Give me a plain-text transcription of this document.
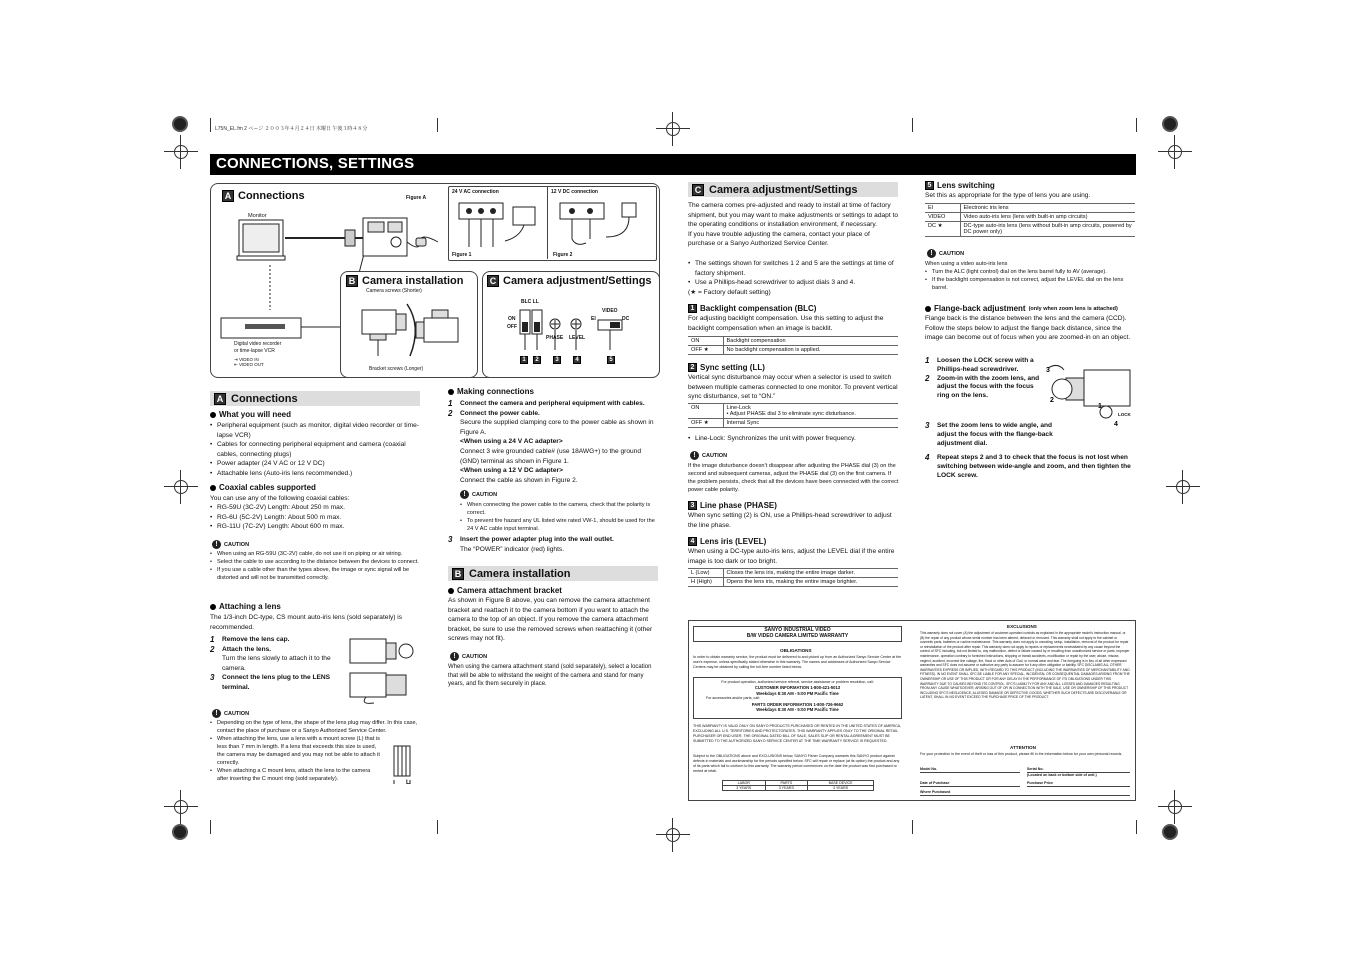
L75N_EL.fm 2 ページ ２００３年４月２４日 木曜日 午後３時４８分
CONNECTIONS, SETTINGS
A Connections
Monitor
Figure A
Digital video recorder
or time-lapse VCR
⇥ VIDEO IN
⇤ VIDEO OUT
24 V AC connection	12 V DC connection
Figure 1	Figure 2
B Camera installation
Camera screws (Shorter)
Bracket screws (Longer)
C Camera adjustment/Settings
BLC LL
ON
OFF
VIDEO
EI	DC
PHASE LEVEL
1	2	3	4	5
A Connections
What you will need
• Peripheral equipment (such as monitor, digital video recorder or time-lapse VCR)
• Cables for connecting peripheral equipment and camera (coaxial cables, connecting plugs)
• Power adapter (24 V AC or 12 V DC)
• Attachable lens (Auto-iris lens recommended.)
Coaxial cables supported
You can use any of the following coaxial cables:
• RG-59U (3C-2V) Length: About 250 m max.
• RG-6U (5C-2V) Length: About 500 m max.
• RG-11U (7C-2V) Length: About 600 m max.
!	CAUTION
• When using an RG-59U (3C-2V) cable, do not use it on piping or air wiring.
• Select the cable to use according to the distance between the devices to connect.
• If you use a cable other than the types above, the image or sync signal will be distorted and will not be transmitted correctly.
Attaching a lens
The 1/3-inch DC-type, CS mount auto-iris lens (sold separately) is recommended.
1 Remove the lens cap.
2 Attach the lens.
Turn the lens slowly to attach it to the camera.
3 Connect the lens plug to the LENS terminal.
!	CAUTION
• Depending on the type of lens, the shape of the lens plug may differ. In this case, contact the place of purchase or a Sanyo Authorized Service Center.
• When attaching the lens, use a lens with a mount screw (L) that is less than 7 mm in length. If a lens that exceeds this size is used, the camera may be damaged and you may not be able to attach it correctly.
• When attaching a C mount lens, attach the lens to the camera after inserting the C mount ring (sold separately).
L
Making connections
1 Connect the camera and peripheral equipment with cables.
2 Connect the power cable.
Secure the supplied clamping core to the power cable as shown in Figure A.
<When using a 24 V AC adapter>
Connect 3 wire grounded cable# (use 18AWG+) to the ground (GND) terminal as shown in Figure 1.
<When using a 12 V DC adapter>
Connect the cable as shown in Figure 2.
!	CAUTION
• When connecting the power cable to the camera, check that the polarity is correct.
• To prevent fire hazard any UL listed wire rated VW-1, should be used for the 24 V AC cable input terminal.
3 Insert the power adapter plug into the wall outlet.
The “POWER” indicator (red) lights.
B Camera installation
Camera attachment bracket
As shown in Figure B above, you can remove the camera attachment bracket and reattach it to the camera bottom if you want to attach the camera to the top of an object. If you remove the camera attachment bracket, be sure to use the removed screws when reattaching it (other screws may not fit).
!	CAUTION
When using the camera attachment stand (sold separately), select a location that will be able to withstand the weight of the camera and stand for many years, and fix them securely in place.
C Camera adjustment/Settings
The camera comes pre-adjusted and ready to install at time of factory shipment, but you may want to make adjustments or settings to adapt to the operating conditions or installation environment, if necessary.
If you have trouble adjusting the camera, contact your place of purchase or a Sanyo Authorized Service Center.
• The settings shown for switches 1 2 and 5 are the settings at time of factory shipment.
• Use a Phillips-head screwdriver to adjust dials 3 and 4.
(★ = Factory default setting)
1 Backlight compensation (BLC)
For adjusting backlight compensation. Use this setting to adjust the backlight compensation when an image is backlit.
ON	Backlight compensation
OFF ★	No backlight compensation is applied.
2 Sync setting (LL)
Vertical sync disturbance may occur when a selector is used to switch between multiple cameras connected to one monitor. To prevent vertical sync disturbance, set to “ON.”
ON	Line-Lock
• Adjust PHASE dial 3 to eliminate sync disturbance.
OFF ★	Internal Sync
• Line-Lock: Synchronizes the unit with power frequency.
!	CAUTION
If the image disturbance doesn’t disappear after adjusting the PHASE dial (3) on the second and subsequent cameras, adjust the PHASE dial (3) on the first camera. If the problem persists, check that all the devices have been connected with the correct power cable polarity.
3 Line phase (PHASE)
When sync setting (2) is ON, use a Phillips-head screwdriver to adjust the line phase.
4 Lens iris (LEVEL)
When using a DC-type auto-iris lens, adjust the LEVEL dial if the entire image is too dark or too bright.
L (Low)	Closes the lens iris, making the entire image darker.
H (High)	Opens the lens iris, making the entire image brighter.
5 Lens switching
Set this as appropriate for the type of lens you are using.
EI	Electronic iris lens
VIDEO	Video auto-iris lens (lens with built-in amp circuits)
DC ★	DC-type auto-iris lens (lens without built-in amp circuits, powered by DC power only)
!	CAUTION
When using a video auto-iris lens
• Turn the ALC (light control) dial on the lens barrel fully to AV (average).
• If the backlight compensation is not correct, adjust the LEVEL dial on the lens barrel.
Flange-back adjustment (only when zoom lens is attached)
Flange back is the distance between the lens and the camera (CCD). Follow the steps below to adjust the flange back distance, since the image can become out of focus when you are zoomed-in on an object.
1 Loosen the LOCK screw with a Phillips-head screwdriver.
2 Zoom-in with the zoom lens, and adjust the focus with the focus ring on the lens.
3 Set the zoom lens to wide angle, and adjust the focus with the flange-back adjustment dial.
4 Repeat steps 2 and 3 to check that the focus is not lost when switching between wide-angle and zoom, and then tighten the LOCK screw.
3
2
1
4
LOCK
SANYO INDUSTRIAL VIDEO
B/W VIDEO CAMERA LIMITED WARRANTY
OBLIGATIONS
In order to obtain warranty service, the product must be delivered to and picked up from an Authorized Sanyo Service Center at the user's expense, unless specifically stated otherwise in this warranty. The names and addresses of Authorized Sanyo Service Centers may be obtained by calling the toll-free number listed below.
For product operation, authorized service referral, service assistance or problem resolution, call:
CUSTOMER INFORMATION 1-800-421-5013
Weekdays 8:30 AM - 5:00 PM Pacific Time
For accessories and/or parts, call:
PARTS ORDER INFORMATION 1-800-726-9662
Weekdays 8:30 AM - 5:00 PM Pacific Time
THIS WARRANTY IS VALID ONLY ON SANYO PRODUCTS PURCHASED OR RENTED IN THE UNITED STATES OF AMERICA, EXCLUDING ALL U.S. TERRITORIES AND PROTECTORATES. THIS WARRANTY APPLIES ONLY TO THE ORIGINAL RETAIL PURCHASER OR END USER. THE ORIGINAL DATED BILL OF SALE, SALES SLIP OR RENTAL AGREEMENT MUST BE SUBMITTED TO THE AUTHORIZED SANYO SERVICE CENTER AT THE TIME WARRANTY SERVICE IS REQUESTED.
Subject to the OBLIGATIONS above and EXCLUSIONS below, SANYO Fisher Company warrants this SANYO product against defects in materials and workmanship for the periods specified below. SFC will repair or replace (at its option) the product and any of its parts which fail to conform to this warranty. The warranty period commences on the date the product was first purchased or rented at retail.
LABOR	PARTS	BASE DEVICE
3 YEARS	3 YEARS	3 YEARS
EXCLUSIONS
This warranty does not cover (A) the adjustment of customer-operated controls as explained in the appropriate model's instruction manual, or (B) the repair of any product whose serial number has been altered, defaced or removed. This warranty shall not apply to the cabinet or cosmetic parts, batteries or routine maintenance. This warranty does not apply to uncrating, setup, installation, removal of the product for repair or reinstallation of the product after repair. This warranty does not apply to repairs or replacements necessitated by any cause beyond the control of SFC including, but not limited to, any malfunction, defect or failure caused by or resulting from unauthorized service or parts, improper maintenance, operation contrary to furnished instructions, shipping or transit accidents, modification or repair by the user, abuse, misuse, neglect, accident, incorrect line voltage, fire, flood or other Acts of God, or normal wear and tear. The foregoing is in lieu of all other expressed warranties and SFC does not assume or authorize any party to assume for it any other obligation or liability. SFC DISCLAIMS ALL OTHER WARRANTIES EXPRESS OR IMPLIED, WITH REGARD TO THIS PRODUCT (INCLUDING THE WARRANTIES OF MERCHANTABILITY AND FITNESS). IN NO EVENT SHALL SFC BE LIABLE FOR ANY SPECIAL, INCIDENTAL OR CONSEQUENTIAL DAMAGES ARISING FROM THE OWNERSHIP OR USE OF THIS PRODUCT OR FOR ANY DELAY IN THE PERFORMANCE OF ITS OBLIGATIONS UNDER THIS WARRANTY DUE TO CAUSES BEYOND ITS CONTROL. SFC'S LIABILITY FOR ANY AND ALL LOSSES AND DAMAGES RESULTING FROM ANY CAUSE WHATSOEVER, ARISING OUT OF OR IN CONNECTION WITH THE SALE, USE OR OWNERSHIP OF THIS PRODUCT INCLUDING SFC'S NEGLIGENCE, ALLEGED DAMAGE OR DEFECTIVE GOODS, WHETHER SUCH DEFECTS ARE DISCOVERABLE OR LATENT, SHALL IN NO EVENT EXCEED THE PURCHASE PRICE OF THE PRODUCT.
ATTENTION
For your protection in the event of theft or loss of this product, please fill in the information below for your own personal records.
Model No.	Serial No.
(Located on back or bottom side of unit.)
Date of Purchase	Purchase Price
Where Purchased
